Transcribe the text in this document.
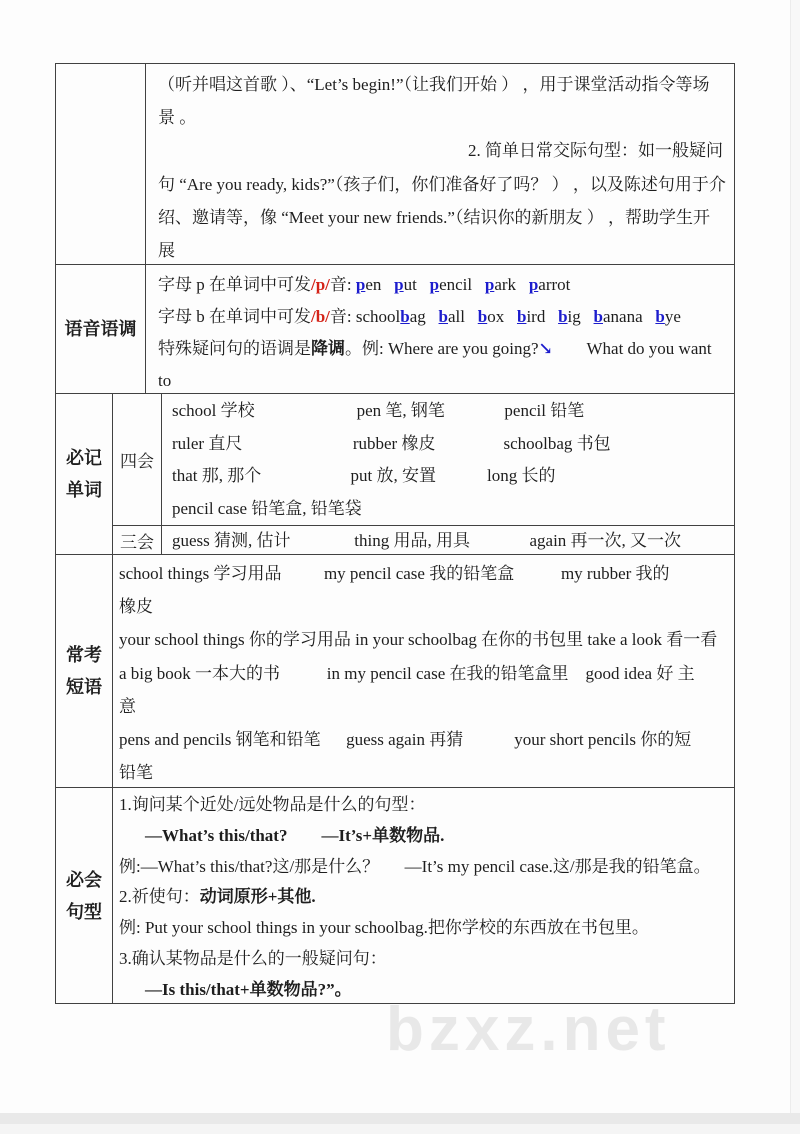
bzxz.net
（听并唱这首歌 ）、“Let’s begin!”（让我们开始 ） ，用于课堂活动指令等场
景 。
2. 简单日常交际句型：如一般疑问
句 “Are you ready, kids?”（孩子们，你们准备好了吗？ ） ，以及陈述句用于介
绍、邀请等，像 “Meet your new friends.”（结识你的新朋友 ） ，帮助学生开展
语音语调
字母 p 在单词中可发/p/音: pen   put   pencil   park   parrot
字母 b 在单词中可发/b/音: schoolbag   ball   box   bird   big   banana   bye
特殊疑问句的语调是降调。例: Where are you going?↘        What do you want to
必记
单词
四会
school 学校                        pen 笔, 钢笔              pencil 铅笔
ruler 直尺                          rubber 橡皮                schoolbag 书包
that 那, 那个                     put 放, 安置            long 长的
pencil case 铅笔盒, 铅笔袋
三会	guess 猜测, 估计               thing 用品, 用具              again 再一次, 又一次
常考
短语
school things 学习用品          my pencil case 我的铅笔盒           my rubber 我的
橡皮
your school things 你的学习用品 in your schoolbag 在你的书包里 take a look 看一看
a big book 一本大的书           in my pencil case 在我的铅笔盒里    good idea 好 主
意
pens and pencils 钢笔和铅笔      guess again 再猜            your short pencils 你的短
铅笔
必会
句型
1.询问某个近处/远处物品是什么的句型：
—What’s this/that?        —It’s+单数物品.
例:—What’s this/that?这/那是什么？      —It’s my pencil case.这/那是我的铅笔盒。
2.祈使句：动词原形+其他.
例: Put your school things in your schoolbag.把你学校的东西放在书包里。
3.确认某物品是什么的一般疑问句：
—Is this/that+单数物品?”。
